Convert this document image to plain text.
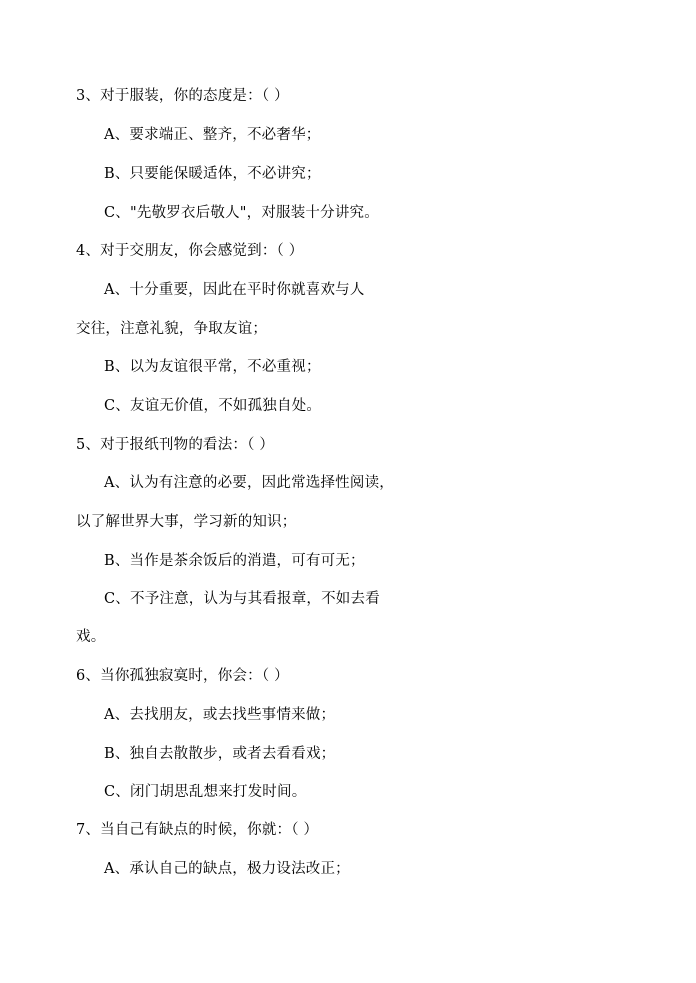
3、对于服装，你的态度是：（ ）
A、要求端正、整齐，不必奢华；
B、只要能保暖适体，不必讲究；
C、"先敬罗衣后敬人"，对服装十分讲究。
4、对于交朋友，你会感觉到：（ ）
A、十分重要，因此在平时你就喜欢与人
交往，注意礼貌，争取友谊；
B、以为友谊很平常，不必重视；
C、友谊无价值，不如孤独自处。
5、对于报纸刊物的看法：（ ）
A、认为有注意的必要，因此常选择性阅读，
以了解世界大事，学习新的知识；
B、当作是茶余饭后的消遣，可有可无；
C、不予注意，认为与其看报章，不如去看
戏。
6、当你孤独寂寞时，你会：（ ）
A、去找朋友，或去找些事情来做；
B、独自去散散步，或者去看看戏；
C、闭门胡思乱想来打发时间。
7、当自己有缺点的时候，你就：（ ）
A、承认自己的缺点，极力设法改正；
